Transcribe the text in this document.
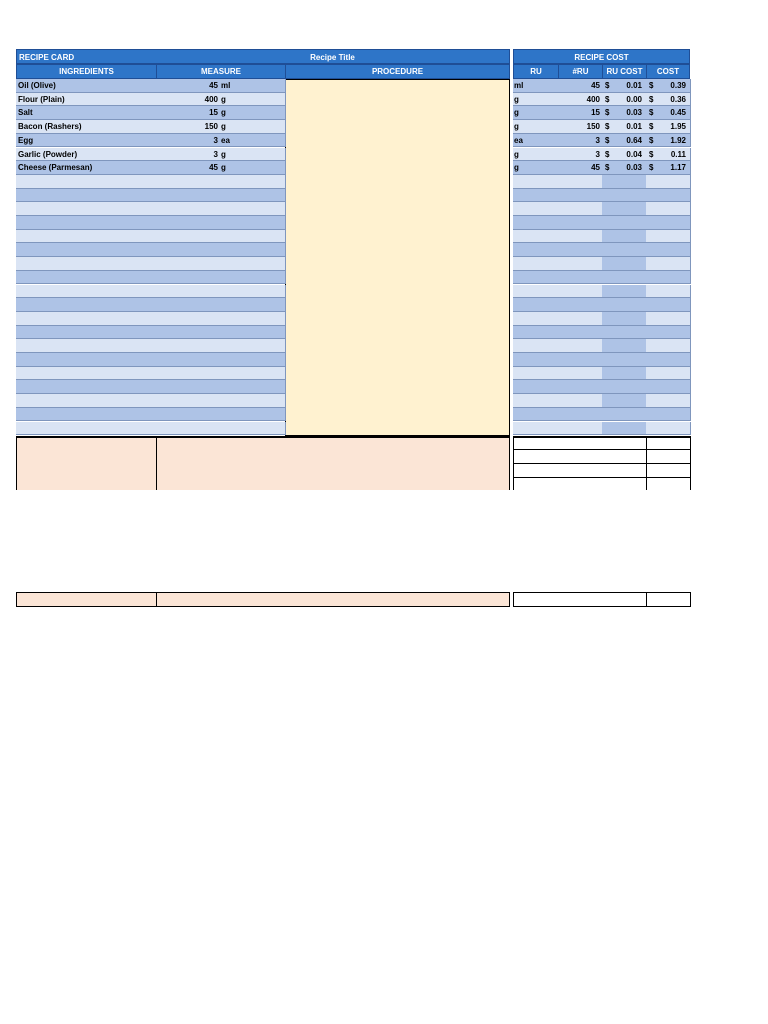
RECIPE CARD	Recipe Title	RECIPE COST
INGREDIENTS	MEASURE	PROCEDURE	RU	#RU	RU COST	COST
Oil (Olive)	45 ml
Flour (Plain)	400 g
Salt	15 g
Bacon (Rashers)	150 g
Egg	3 ea
Garlic (Powder)	3 g
Cheese (Parmesan)	45 g
ml	45 $ 0.01 $ 0.39
g	400 $ 0.00 $ 0.36
g	15 $ 0.03 $ 0.45
g	150 $ 0.01 $ 1.95
ea	3 $ 0.64 $ 1.92
g	3 $ 0.04 $ 0.11
g	45 $ 0.03 $ 1.17
